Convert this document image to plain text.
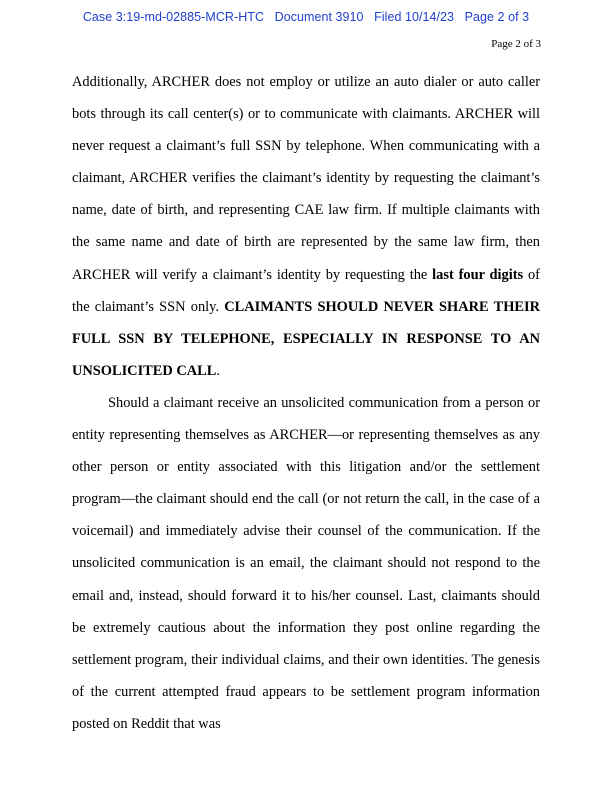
Case 3:19-md-02885-MCR-HTC Document 3910 Filed 10/14/23 Page 2 of 3
Page 2 of 3

Additionally, ARCHER does not employ or utilize an auto dialer or auto caller bots through its call center(s) or to communicate with claimants. ARCHER will never request a claimant’s full SSN by telephone. When communicating with a claimant, ARCHER verifies the claimant’s identity by requesting the claimant’s name, date of birth, and representing CAE law firm. If multiple claimants with the same name and date of birth are represented by the same law firm, then ARCHER will verify a claimant’s identity by requesting the last four digits of the claimant’s SSN only. CLAIMANTS SHOULD NEVER SHARE THEIR FULL SSN BY TELEPHONE, ESPECIALLY IN RESPONSE TO AN UNSOLICITED CALL.

Should a claimant receive an unsolicited communication from a person or entity representing themselves as ARCHER—or representing themselves as any other person or entity associated with this litigation and/or the settlement program—the claimant should end the call (or not return the call, in the case of a voicemail) and immediately advise their counsel of the communication. If the unsolicited communication is an email, the claimant should not respond to the email and, instead, should forward it to his/her counsel. Last, claimants should be extremely cautious about the information they post online regarding the settlement program, their individual claims, and their own identities. The genesis of the current attempted fraud appears to be settlement program information posted on Reddit that was
